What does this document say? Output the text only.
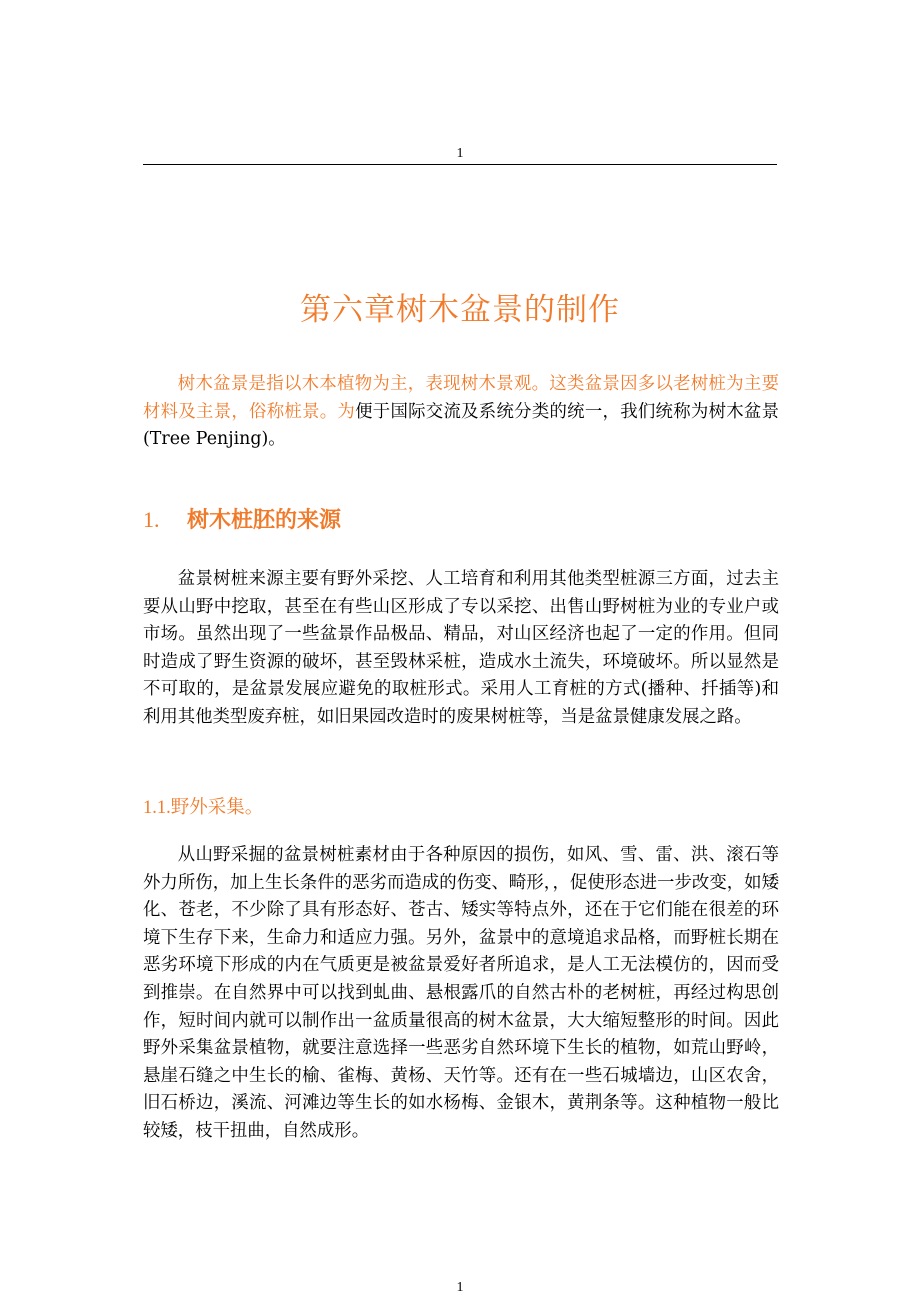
1
第六章树木盆景的制作

树木盆景是指以木本植物为主，表现树木景观。这类盆景因多以老树桩为主要材料及主景，俗称桩景。为便于国际交流及系统分类的统一，我们统称为树木盆景(Tree Penjing)。

1. 树木桩胚的来源

盆景树桩来源主要有野外采挖、人工培育和利用其他类型桩源三方面，过去主要从山野中挖取，甚至在有些山区形成了专以采挖、出售山野树桩为业的专业户或市场。虽然出现了一些盆景作品极品、精品，对山区经济也起了一定的作用。但同时造成了野生资源的破坏，甚至毁林采桩，造成水土流失，环境破坏。所以显然是不可取的，是盆景发展应避免的取桩形式。采用人工育桩的方式(播种、扦插等)和利用其他类型废弃桩，如旧果园改造时的废果树桩等，当是盆景健康发展之路。

1.1.野外采集。

从山野采掘的盆景树桩素材由于各种原因的损伤，如风、雪、雷、洪、滚石等外力所伤，加上生长条件的恶劣而造成的伤变、畸形，，促使形态进一步改变，如矮化、苍老，不少除了具有形态好、苍古、矮实等特点外，还在于它们能在很差的环境下生存下来，生命力和适应力强。另外，盆景中的意境追求品格，而野桩长期在恶劣环境下形成的内在气质更是被盆景爱好者所追求，是人工无法模仿的，因而受到推崇。在自然界中可以找到虬曲、悬根露爪的自然古朴的老树桩，再经过构思创作，短时间内就可以制作出一盆质量很高的树木盆景，大大缩短整形的时间。因此野外采集盆景植物，就要注意选择一些恶劣自然环境下生长的植物，如荒山野岭，悬崖石缝之中生长的榆、雀梅、黄杨、天竹等。还有在一些石城墙边，山区农舍，旧石桥边，溪流、河滩边等生长的如水杨梅、金银木，黄荆条等。这种植物一般比较矮，枝干扭曲，自然成形。

1
